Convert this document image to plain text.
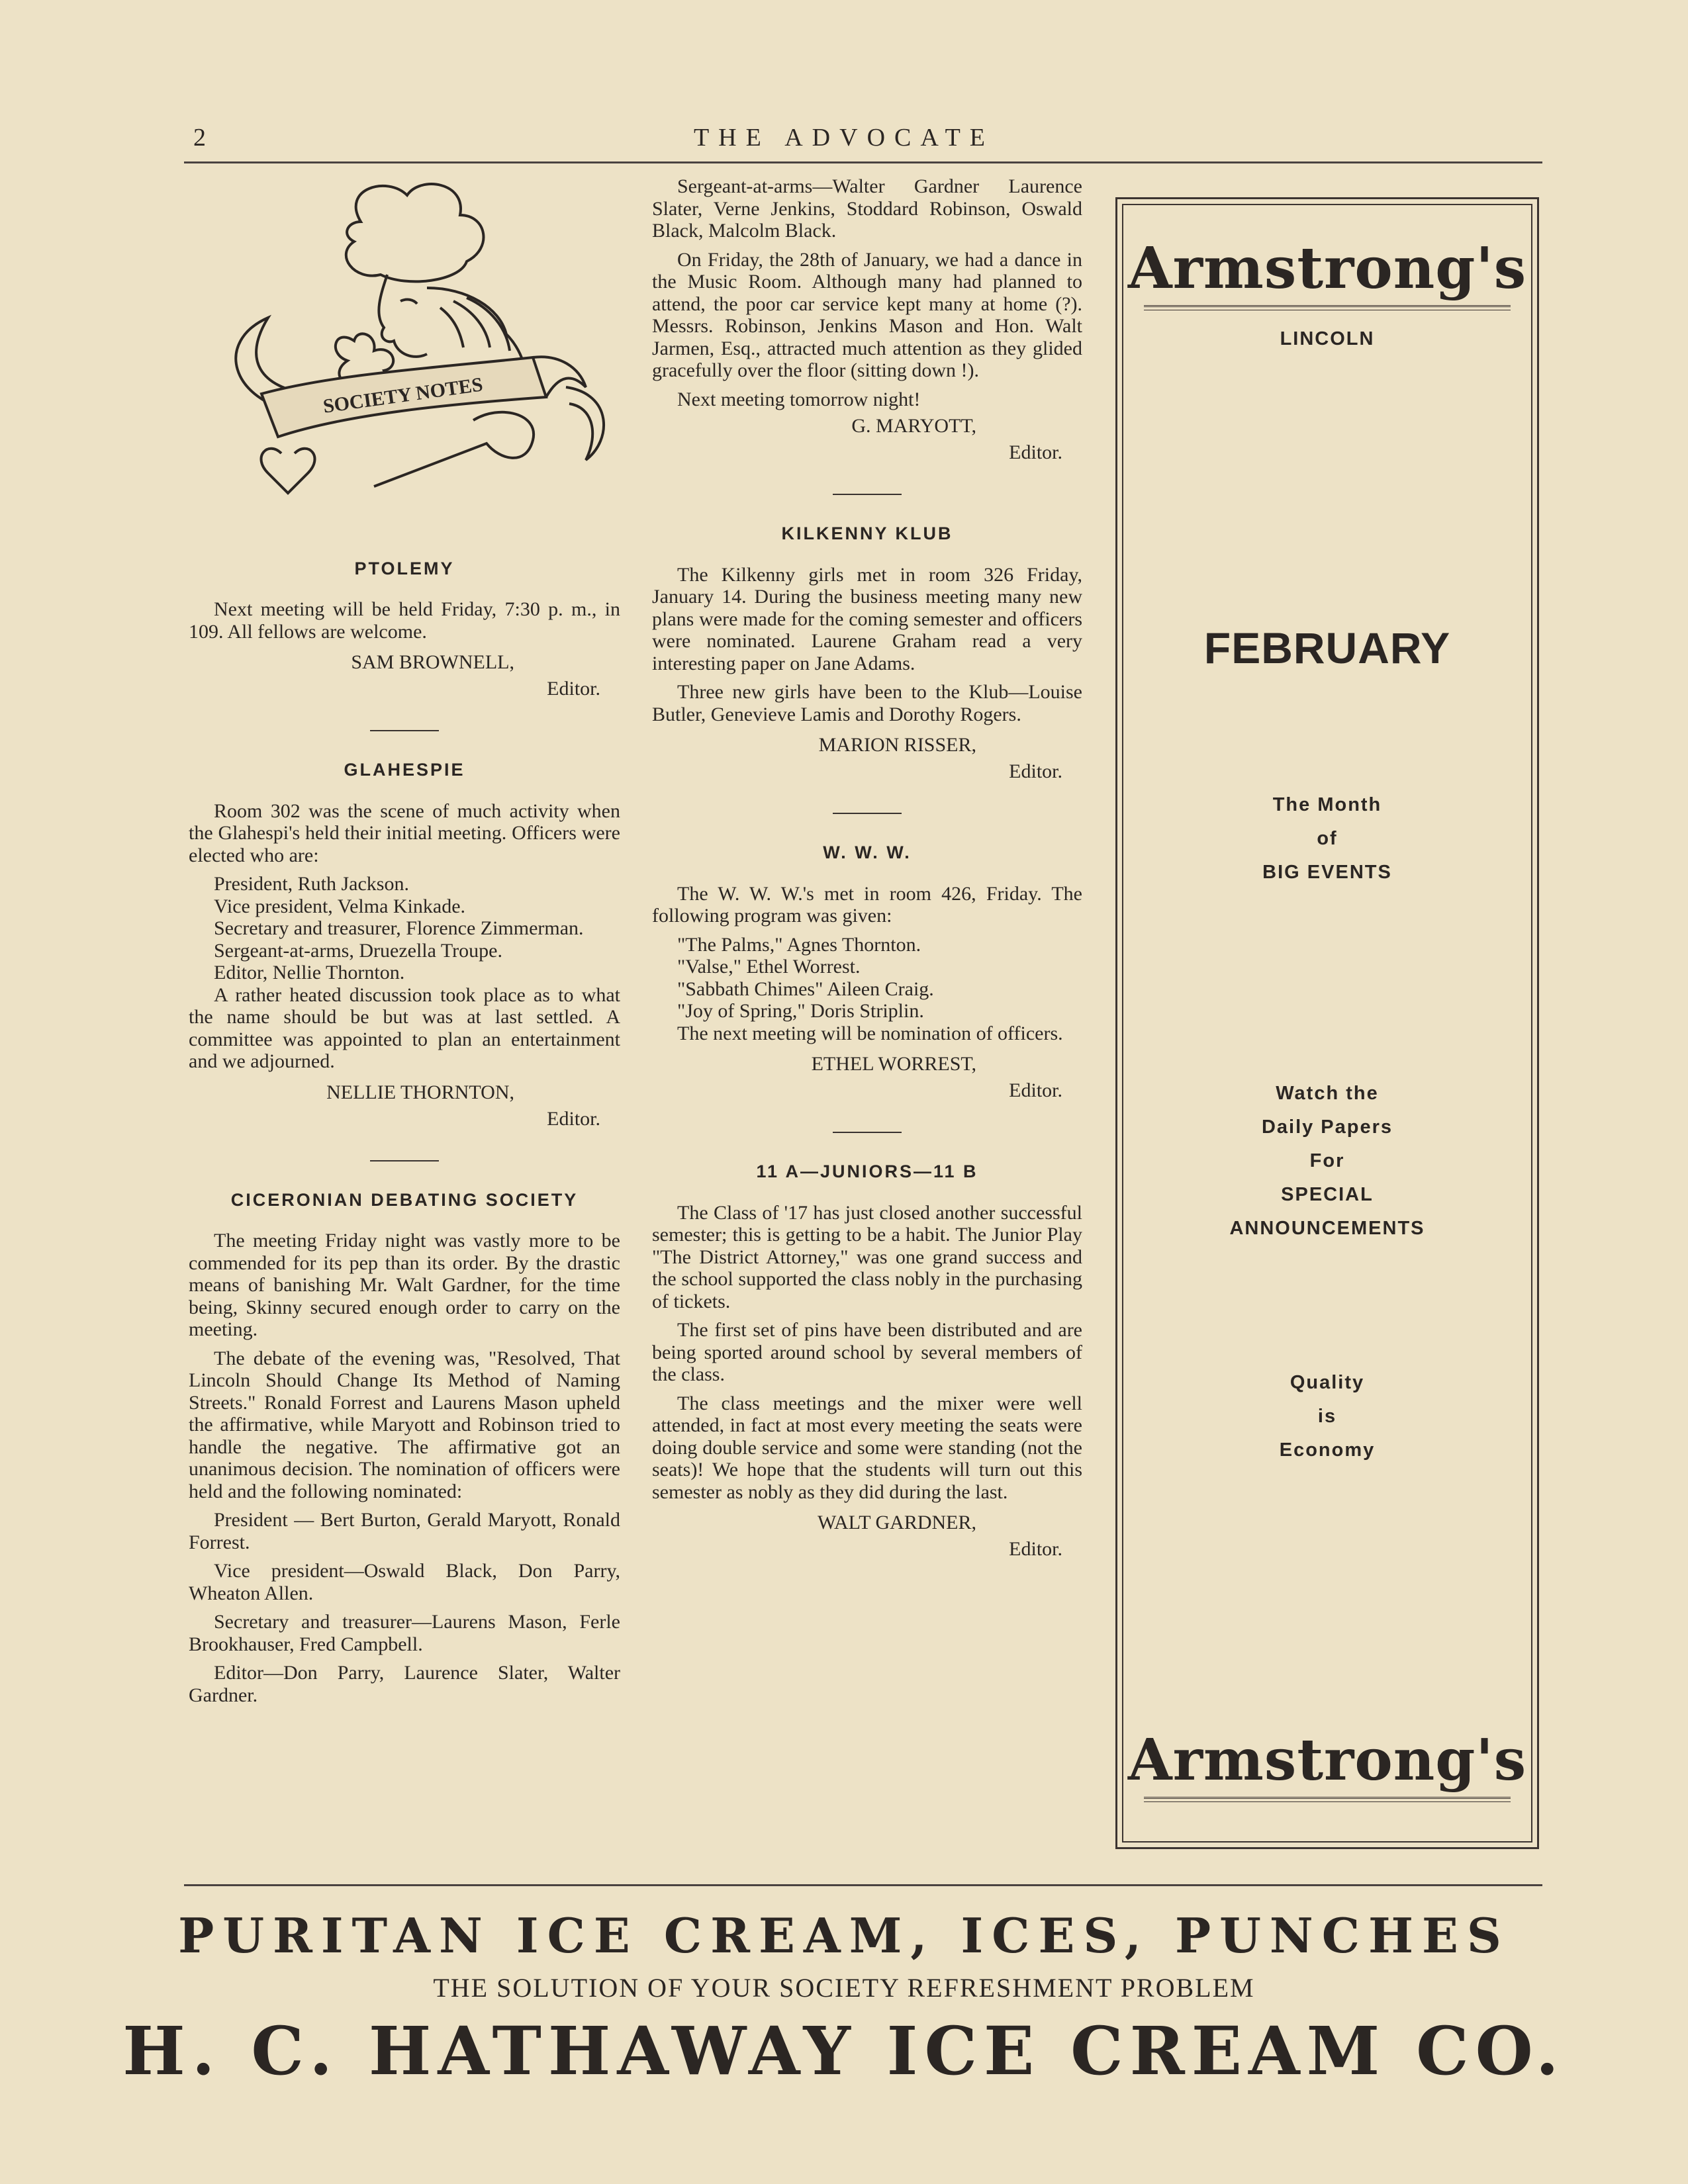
2	THE ADVOCATE
SOCIETY NOTES
PTOLEMY

Next meeting will be held Friday, 7:30 p. m., in 109. All fellows are welcome.

SAM BROWNELL,
Editor.
GLAHESPIE

Room 302 was the scene of much activity when the Glahespi's held their initial meeting. Officers were elected who are:

President, Ruth Jackson.

Vice president, Velma Kinkade.

Secretary and treasurer, Florence Zimmerman.

Sergeant-at-arms, Druezella Troupe.

Editor, Nellie Thornton.

A rather heated discussion took place as to what the name should be but was at last settled. A committee was appointed to plan an entertainment and we adjourned.

NELLIE THORNTON,
Editor.
CICERONIAN DEBATING SOCIETY

The meeting Friday night was vastly more to be commended for its pep than its order. By the drastic means of banishing Mr. Walt Gardner, for the time being, Skinny secured enough order to carry on the meeting.

The debate of the evening was, "Resolved, That Lincoln Should Change Its Method of Naming Streets." Ronald Forrest and Laurens Mason upheld the affirmative, while Maryott and Robinson tried to handle the negative. The affirmative got an unanimous decision. The nomination of officers were held and the following nominated:

President — Bert Burton, Gerald Maryott, Ronald Forrest.

Vice president—Oswald Black, Don Parry, Wheaton Allen.

Secretary and treasurer—Laurens Mason, Ferle Brookhauser, Fred Campbell.

Editor—Don Parry, Laurence Slater, Walter Gardner.

Sergeant-at-arms—Walter Gardner Laurence Slater, Verne Jenkins, Stoddard Robinson, Oswald Black, Malcolm Black.

On Friday, the 28th of January, we had a dance in the Music Room. Although many had planned to attend, the poor car service kept many at home (?). Messrs. Robinson, Jenkins Mason and Hon. Walt Jarmen, Esq., attracted much attention as they glided gracefully over the floor (sitting down !).

Next meeting tomorrow night!

G. MARYOTT,
Editor.
KILKENNY KLUB

The Kilkenny girls met in room 326 Friday, January 14. During the business meeting many new plans were made for the coming semester and officers were nominated. Laurene Graham read a very interesting paper on Jane Adams.

Three new girls have been to the Klub—Louise Butler, Genevieve Lamis and Dorothy Rogers.

MARION RISSER,
Editor.
W. W. W.

The W. W. W.'s met in room 426, Friday. The following program was given:

"The Palms," Agnes Thornton.

"Valse," Ethel Worrest.

"Sabbath Chimes" Aileen Craig.

"Joy of Spring," Doris Striplin.

The next meeting will be nomination of officers.

ETHEL WORREST,
Editor.
11 A—JUNIORS—11 B

The Class of '17 has just closed another successful semester; this is getting to be a habit. The Junior Play "The District Attorney," was one grand success and the school supported the class nobly in the purchasing of tickets.

The first set of pins have been distributed and are being sported around school by several members of the class.

The class meetings and the mixer were well attended, in fact at most every meeting the seats were doing double service and some were standing (not the seats)! We hope that the students will turn out this semester as nobly as they did during the last.

WALT GARDNER,
Editor.
Armstrong's
LINCOLN
FEBRUARY
The Month
of
BIG EVENTS
Watch the
Daily Papers
For
SPECIAL
ANNOUNCEMENTS
Quality
is
Economy
Armstrong's
PURITAN ICE CREAM, ICES, PUNCHES
THE SOLUTION OF YOUR SOCIETY REFRESHMENT PROBLEM
H. C. HATHAWAY ICE CREAM CO.
